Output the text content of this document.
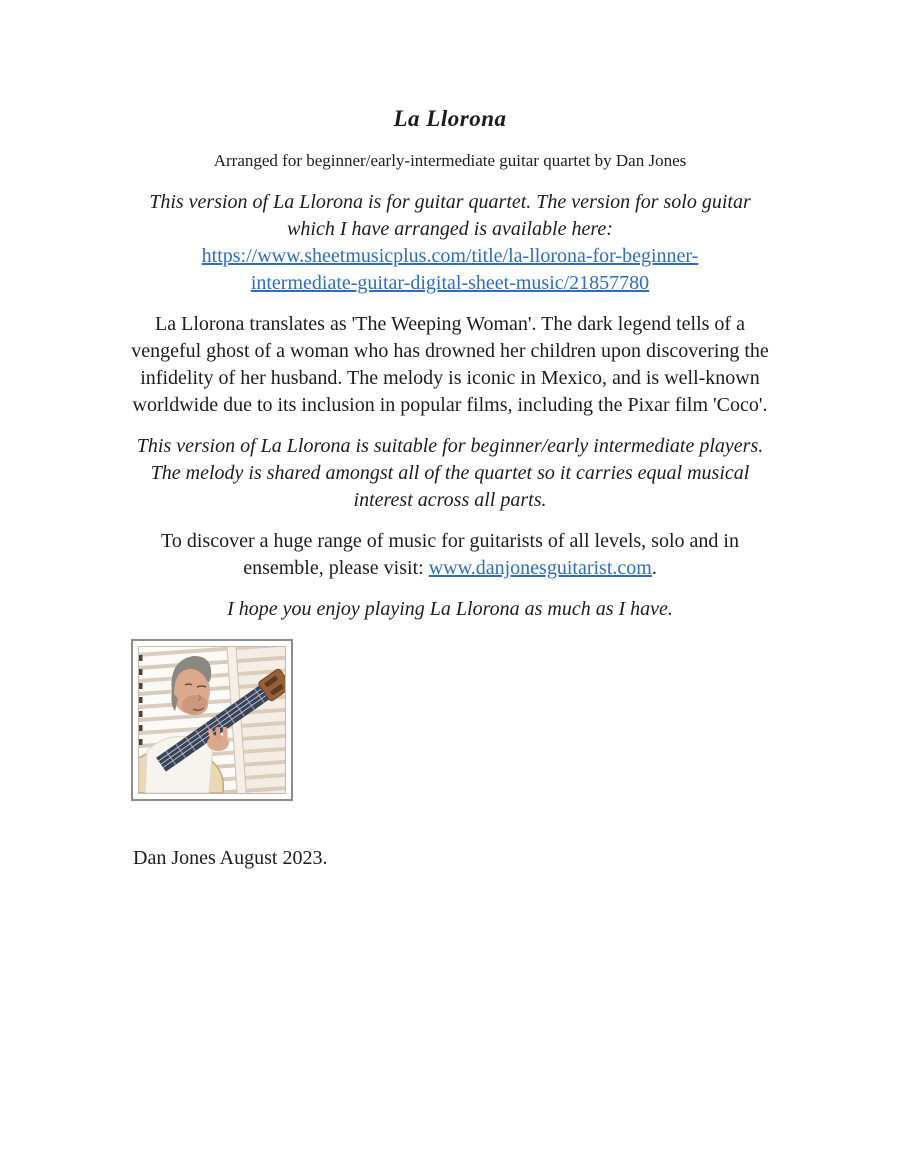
La Llorona
Arranged for beginner/early-intermediate guitar quartet by Dan Jones
This version of La Llorona is for guitar quartet. The version for solo guitar which I have arranged is available here:
https://www.sheetmusicplus.com/title/la-llorona-for-beginner-
intermediate-guitar-digital-sheet-music/21857780
La Llorona translates as 'The Weeping Woman'. The dark legend tells of a vengeful ghost of a woman who has drowned her children upon discovering the infidelity of her husband. The melody is iconic in Mexico, and is well-known worldwide due to its inclusion in popular films, including the Pixar film 'Coco'.
This version of La Llorona is suitable for beginner/early intermediate players. The melody is shared amongst all of the quartet so it carries equal musical interest across all parts.
To discover a huge range of music for guitarists of all levels, solo and in ensemble, please visit: www.danjonesguitarist.com.
I hope you enjoy playing La Llorona as much as I have.
Dan Jones August 2023.
